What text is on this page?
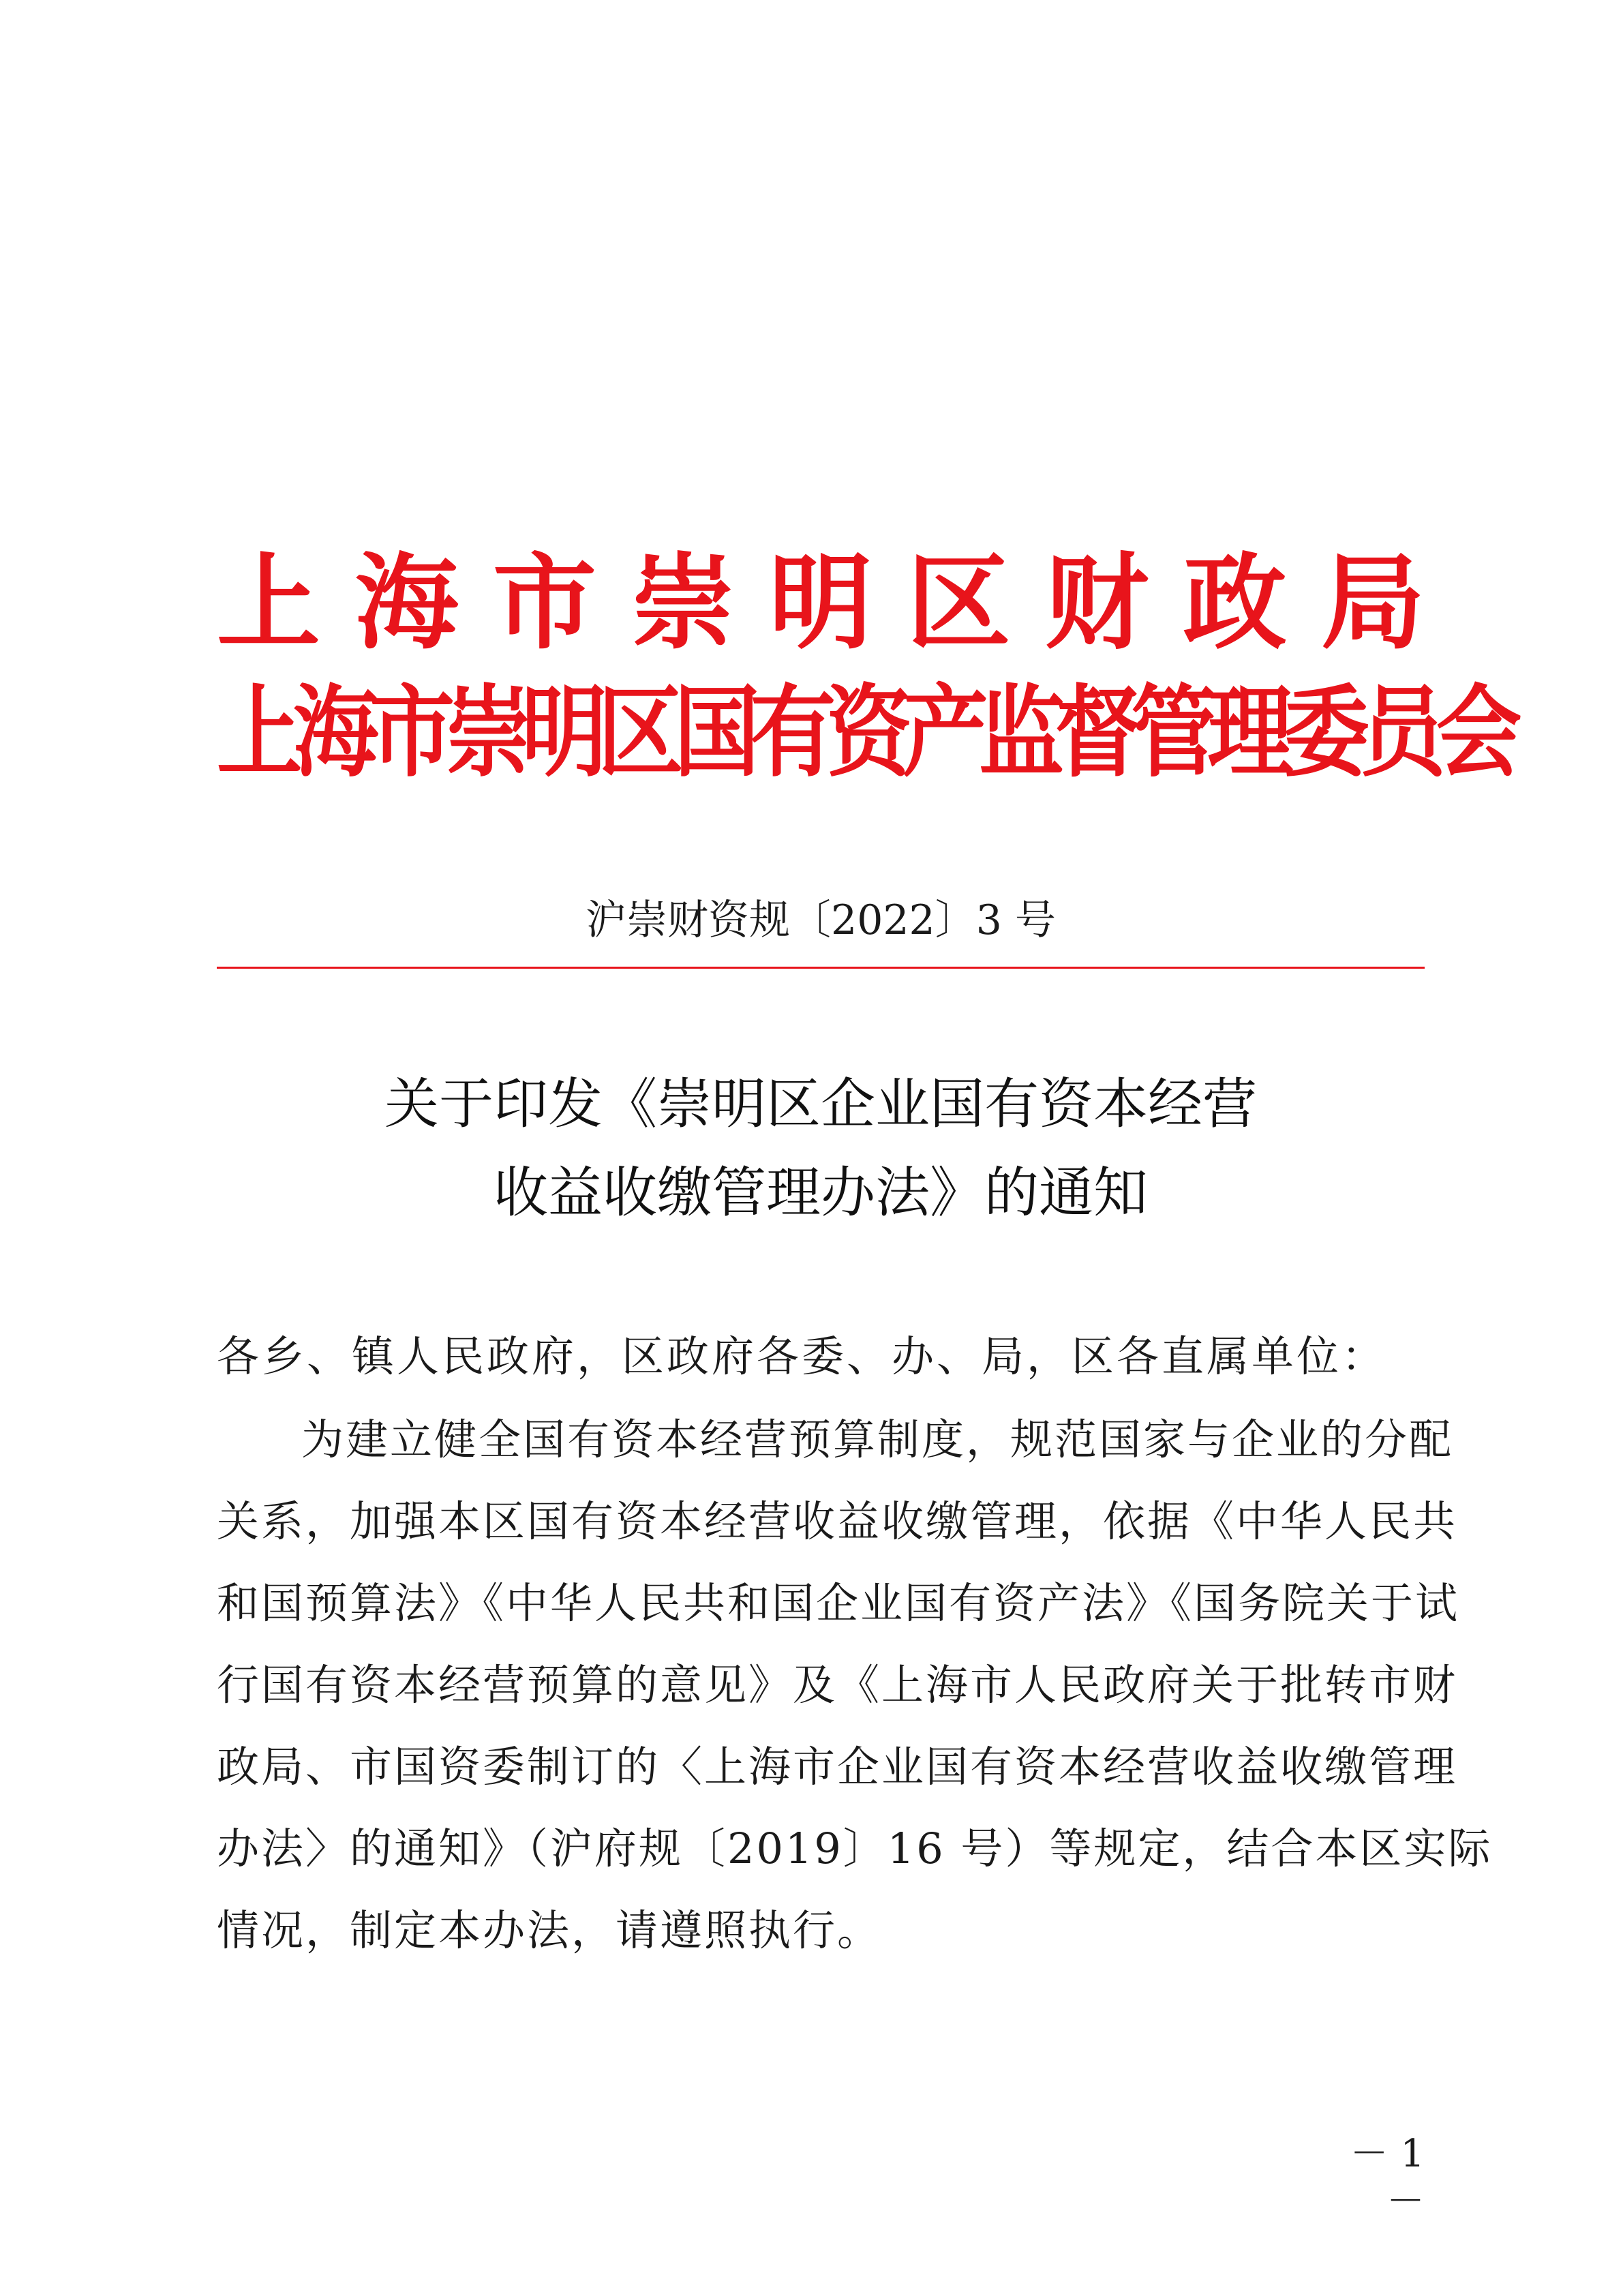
上 海 市 崇 明 区 财 政 局
上海市崇明区国有资产监督管理委员会
沪崇财资规〔2022〕3 号
关于印发《崇明区企业国有资本经营
收益收缴管理办法》的通知
各乡、镇人民政府，区政府各委、办、局，区各直属单位：
为建立健全国有资本经营预算制度，规范国家与企业的分配
关系，加强本区国有资本经营收益收缴管理，依据《中华人民共
和国预算法》《中华人民共和国企业国有资产法》《国务院关于试
行国有资本经营预算的意见》及《上海市人民政府关于批转市财
政局、市国资委制订的〈上海市企业国有资本经营收益收缴管理
办法〉的通知》（沪府规〔2019〕16 号）等规定，结合本区实际
情况，制定本办法，请遵照执行。
－ 1 －
